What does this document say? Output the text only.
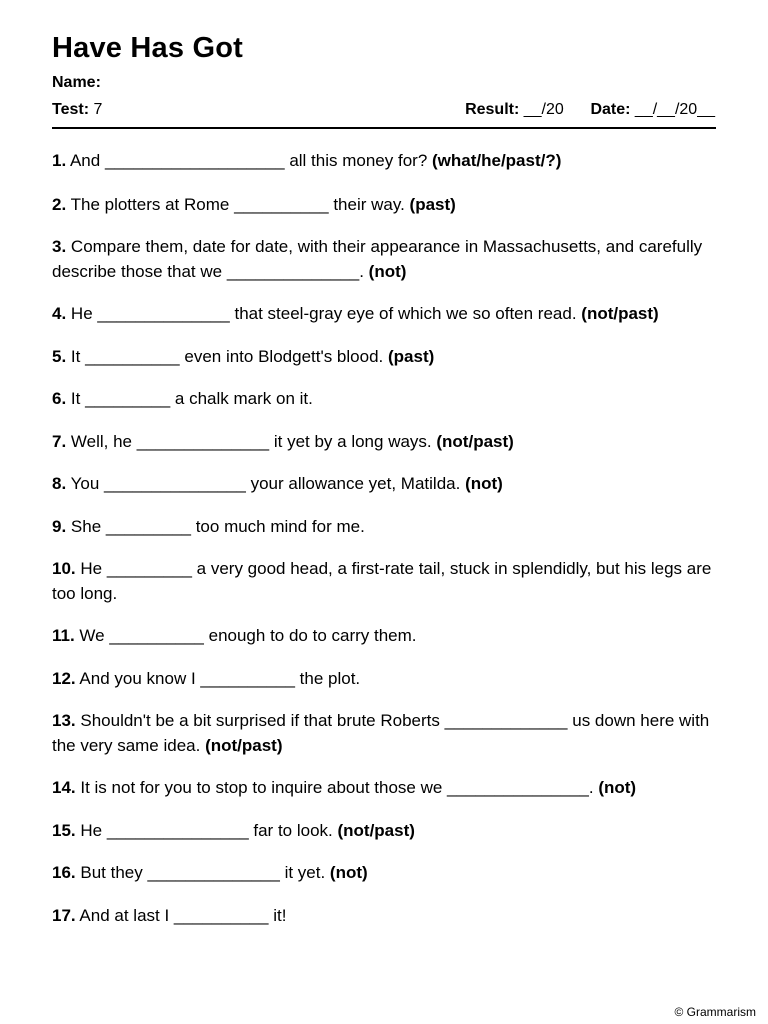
Have Has Got
Name:
Test: 7	Result: __/20 Date: __/__/20__
1. And ___________________ all this money for? (what/he/past/?)
2. The plotters at Rome __________ their way. (past)
3. Compare them, date for date, with their appearance in Massachusetts, and carefully describe those that we ______________. (not)
4. He ______________ that steel-gray eye of which we so often read. (not/past)
5. It __________ even into Blodgett's blood. (past)
6. It _________ a chalk mark on it.
7. Well, he ______________ it yet by a long ways. (not/past)
8. You _______________ your allowance yet, Matilda. (not)
9. She _________ too much mind for me.
10. He _________ a very good head, a first-rate tail, stuck in splendidly, but his legs are too long.
11. We __________ enough to do to carry them.
12. And you know I __________ the plot.
13. Shouldn't be a bit surprised if that brute Roberts _____________ us down here with the very same idea. (not/past)
14. It is not for you to stop to inquire about those we _______________. (not)
15. He _______________ far to look. (not/past)
16. But they ______________ it yet. (not)
17. And at last I __________ it!
© Grammarism
